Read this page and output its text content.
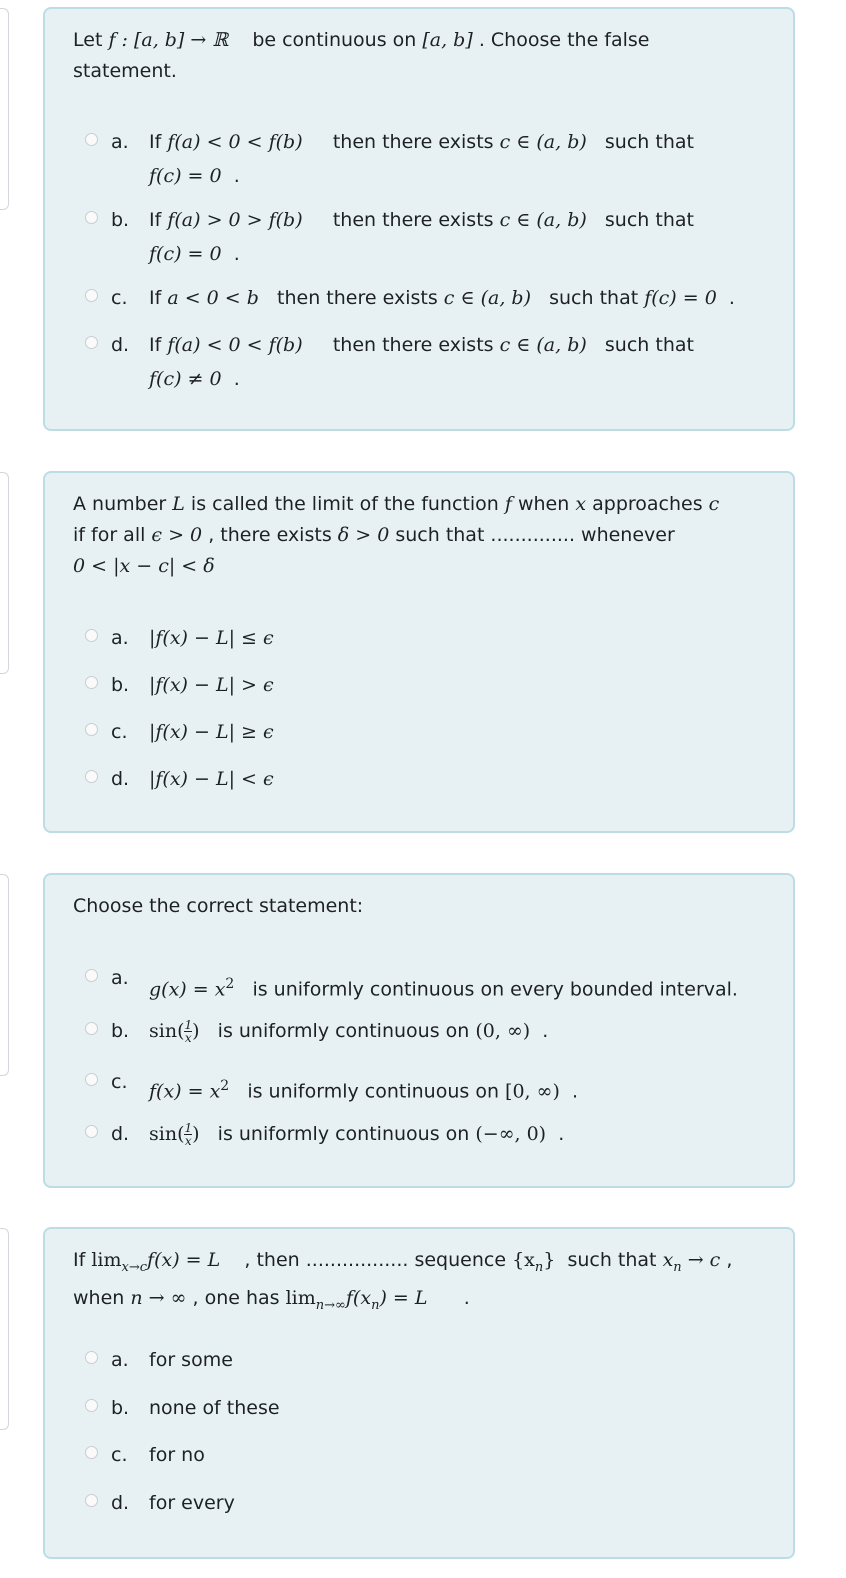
Let f : [a, b] → ℝ be continuous on [a, b] . Choose the false
statement.
a. If f(a) < 0 < f(b) then there exists c ∈ (a, b) such that
f(c) = 0 .
b. If f(a) > 0 > f(b) then there exists c ∈ (a, b) such that
f(c) = 0 .
c. If a < 0 < b then there exists c ∈ (a, b) such that f(c) = 0 .
d. If f(a) < 0 < f(b) then there exists c ∈ (a, b) such that
f(c) ≠ 0 .
A number L is called the limit of the function f when x approaches c
if for all ϵ > 0 , there exists δ > 0 such that .............. whenever
0 < |x − c| < δ
a. |f(x) − L| ≤ ϵ
b. |f(x) − L| > ϵ
c. |f(x) − L| ≥ ϵ
d. |f(x) − L| < ϵ
Choose the correct statement:
a.
$g(x) = x^2$ is uniformly continuous on every bounded interval.
b. $\sin( \frac{1}{x}$ ) is uniformly continuous on (0, ∞) .
c. $f(x) = x^2$ is uniformly continuous on [0, ∞) .
d. $\sin( \frac{1}{x}$ ) is uniformly continuous on (−∞, 0) .
If $\lim_{x\to c}f(x) = L$ , then ................. sequence $\{x_n\}$ such that $x_n \to c$ ,
when n → ∞ , one has $\lim_{n\to\infty}f(x_n) = L$ .
a. for some
b. none of these
c. for no
d. for every
